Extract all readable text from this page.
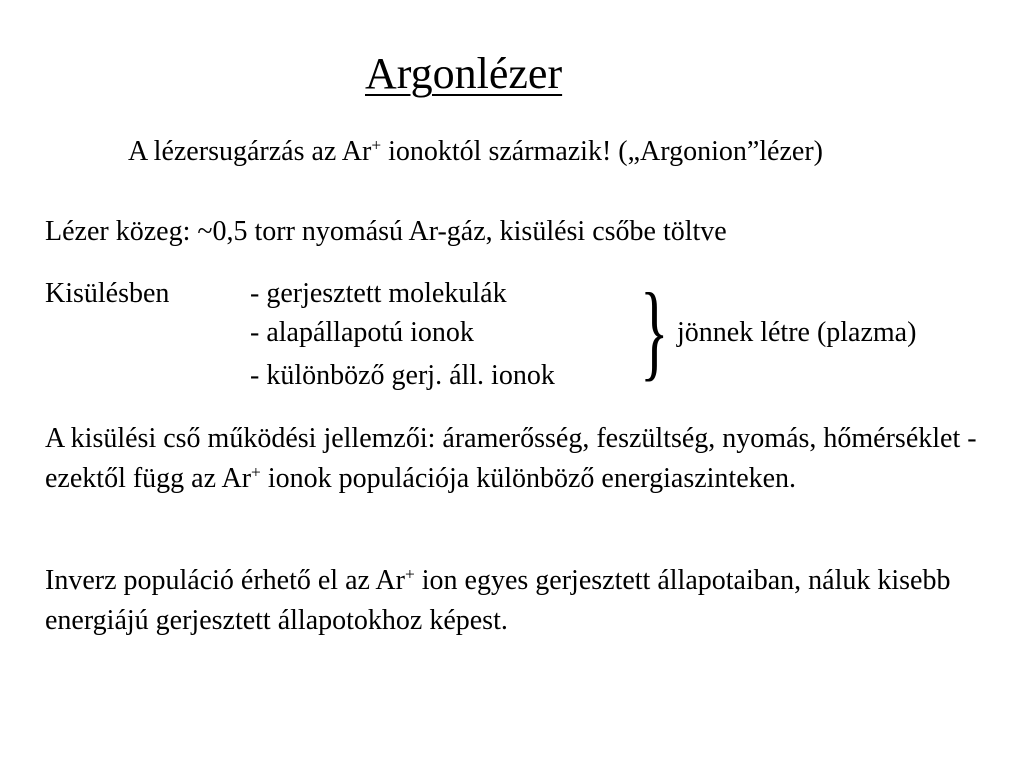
Argonlézer
A lézersugárzás az Ar+ ionoktól származik! („Argonion”lézer)
Lézer közeg: ~0,5 torr nyomású Ar-gáz, kisülési csőbe töltve
Kisülésben	- gerjesztett molekulák
- alapállapotú ionok
- különböző gerj. áll. ionok } jönnek létre (plazma)
A kisülési cső működési jellemzői: áramerősség, feszültség, nyomás, hőmérséklet - ezektől függ az Ar+ ionok populációja különböző energiaszinteken.
Inverz populáció érhető el az Ar+ ion egyes gerjesztett állapotaiban, náluk kisebb energiájú gerjesztett állapotokhoz képest.
